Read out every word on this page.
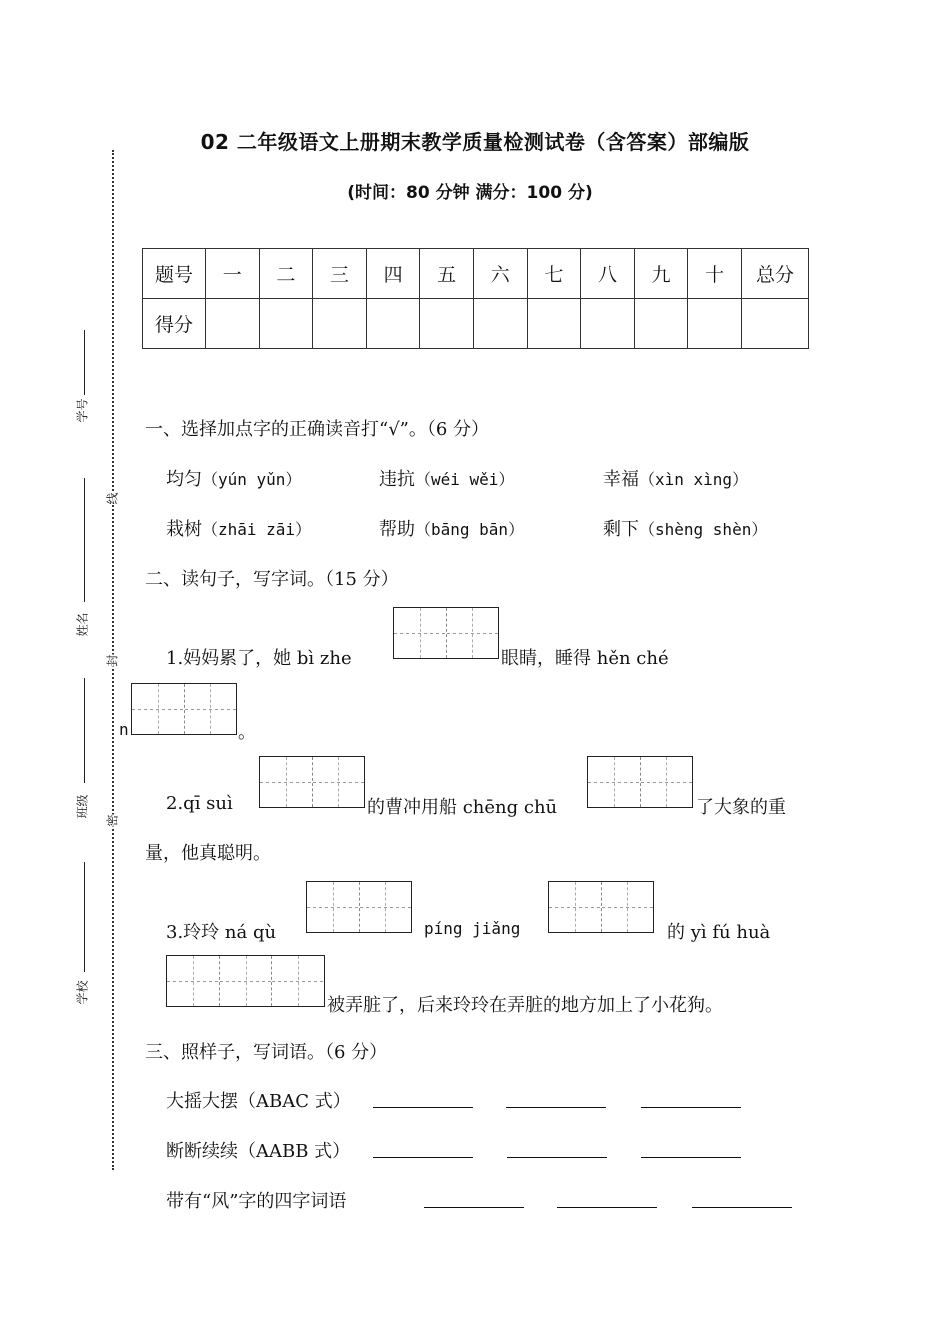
学号
姓名
班级
学校
线
封
密
02 二年级语文上册期末教学质量检测试卷（含答案）部编版
(时间：80 分钟 满分：100 分)
题号	一	二	三	四	五	六	七	八	九	十	总分
得分											
一、选择加点字的正确读音打“√”。（6 分）
均匀（yún yǔn）	违抗（wéi wěi）	幸福（xìn xìng）
栽树（zhāi zāi）	帮助（bāng bān）	剩下（shèng shèn）
二、读句子，写字词。（15 分）
1.妈妈累了，她 bì zhe	眼睛，睡得 hěn ché
n	。
2.qī suì	的曹冲用船 chēng chū	了大象的重
量，他真聪明。
3.玲玲 ná qù	píng jiǎng	的 yì fú huà
被弄脏了，后来玲玲在弄脏的地方加上了小花狗。
三、照样子，写词语。（6 分）
大摇大摆（ABAC 式）
断断续续（AABB 式）
带有“风”字的四字词语
